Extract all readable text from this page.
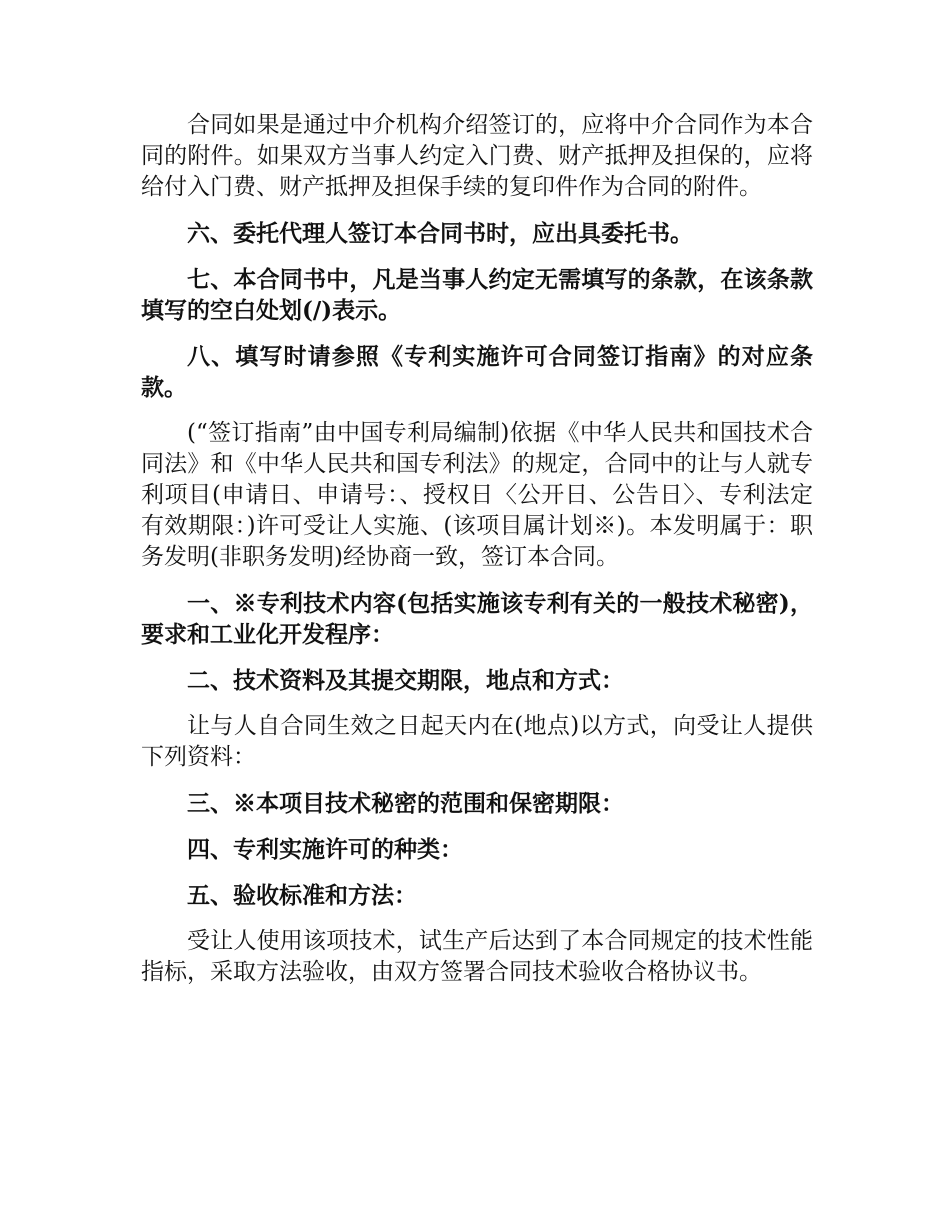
合同如果是通过中介机构介绍签订的，应将中介合同作为本合同的附件。如果双方当事人约定入门费、财产抵押及担保的，应将给付入门费、财产抵押及担保手续的复印件作为合同的附件。

六、委托代理人签订本合同书时，应出具委托书。

七、本合同书中，凡是当事人约定无需填写的条款，在该条款填写的空白处划(/)表示。

八、填写时请参照《专利实施许可合同签订指南》的对应条款。

(“签订指南”由中国专利局编制)依据《中华人民共和国技术合同法》和《中华人民共和国专利法》的规定，合同中的让与人就专利项目(申请日、申请号：、授权日〈公开日、公告日〉、专利法定有效期限：)许可受让人实施、(该项目属计划※)。本发明属于：职务发明(非职务发明)经协商一致，签订本合同。

一、※专利技术内容(包括实施该专利有关的一般技术秘密)，要求和工业化开发程序：

二、技术资料及其提交期限，地点和方式：

让与人自合同生效之日起天内在(地点)以方式，向受让人提供下列资料：

三、※本项目技术秘密的范围和保密期限：

四、专利实施许可的种类：

五、验收标准和方法：

受让人使用该项技术，试生产后达到了本合同规定的技术性能指标，采取方法验收，由双方签署合同技术验收合格协议书。
